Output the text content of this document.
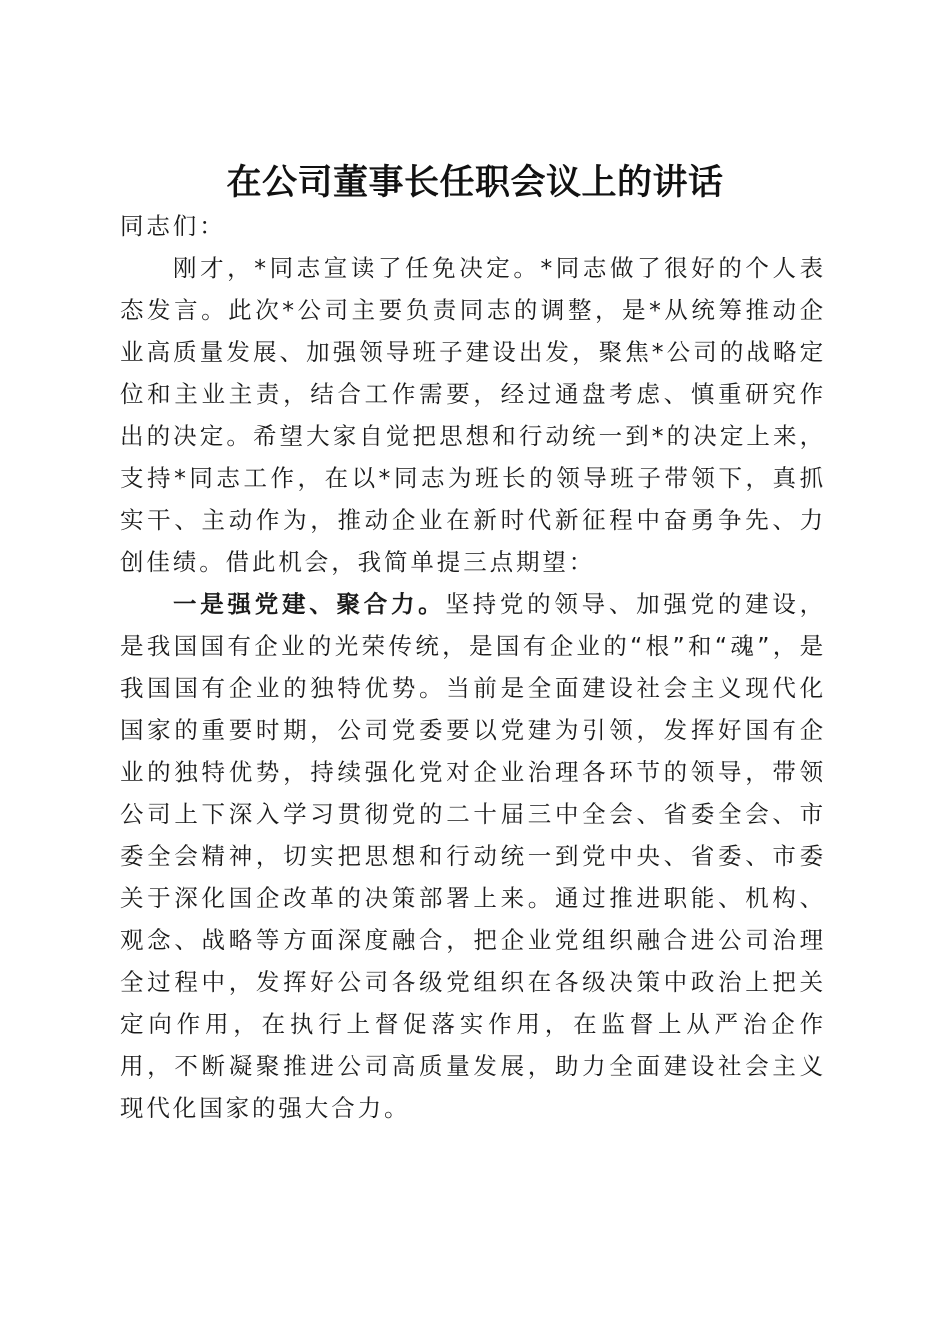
在公司董事长任职会议上的讲话

同志们：

刚才，*同志宣读了任免决定。*同志做了很好的个人表态发言。此次*公司主要负责同志的调整，是*从统筹推动企业高质量发展、加强领导班子建设出发，聚焦*公司的战略定位和主业主责，结合工作需要，经过通盘考虑、慎重研究作出的决定。希望大家自觉把思想和行动统一到*的决定上来，支持*同志工作，在以*同志为班长的领导班子带领下，真抓实干、主动作为，推动企业在新时代新征程中奋勇争先、力创佳绩。借此机会，我简单提三点期望：

一是强党建、聚合力。坚持党的领导、加强党的建设，是我国国有企业的光荣传统，是国有企业的“根”和“魂”，是我国国有企业的独特优势。当前是全面建设社会主义现代化国家的重要时期，公司党委要以党建为引领，发挥好国有企业的独特优势，持续强化党对企业治理各环节的领导，带领公司上下深入学习贯彻党的二十届三中全会、省委全会、市委全会精神，切实把思想和行动统一到党中央、省委、市委关于深化国企改革的决策部署上来。通过推进职能、机构、观念、战略等方面深度融合，把企业党组织融合进公司治理全过程中，发挥好公司各级党组织在各级决策中政治上把关定向作用，在执行上督促落实作用，在监督上从严治企作用，不断凝聚推进公司高质量发展，助力全面建设社会主义现代化国家的强大合力。
